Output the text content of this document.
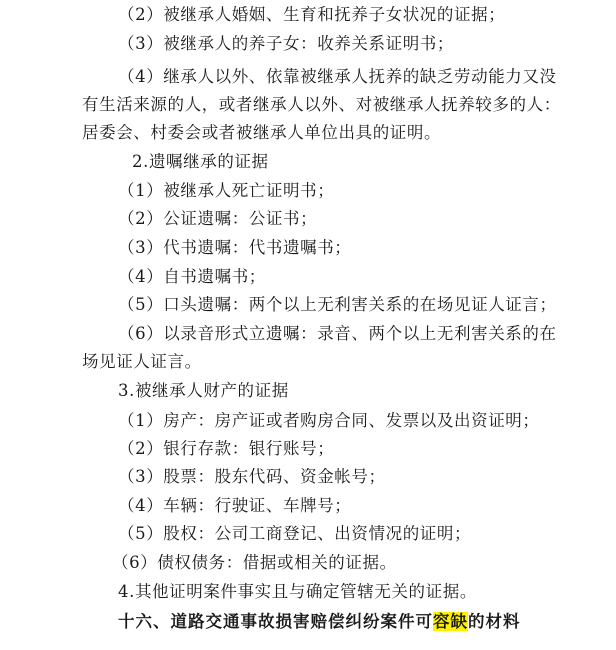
（2）被继承人婚姻、生育和抚养子女状况的证据；
（3）被继承人的养子女：收养关系证明书；
（4）继承人以外、依靠被继承人抚养的缺乏劳动能力又没
有生活来源的人，或者继承人以外、对被继承人抚养较多的人：
居委会、村委会或者被继承人单位出具的证明。
2.遗嘱继承的证据
（1）被继承人死亡证明书；
（2）公证遗嘱：公证书；
（3）代书遗嘱：代书遗嘱书；
（4）自书遗嘱书；
（5）口头遗嘱：两个以上无利害关系的在场见证人证言；
（6）以录音形式立遗嘱：录音、两个以上无利害关系的在
场见证人证言。
3.被继承人财产的证据
（1）房产：房产证或者购房合同、发票以及出资证明；
（2）银行存款：银行账号；
（3）股票：股东代码、资金帐号；
（4）车辆：行驶证、车牌号；
（5）股权：公司工商登记、出资情况的证明；
（6）债权债务：借据或相关的证据。
4.其他证明案件事实且与确定管辖无关的证据。
十六、道路交通事故损害赔偿纠纷案件可容缺的材料
